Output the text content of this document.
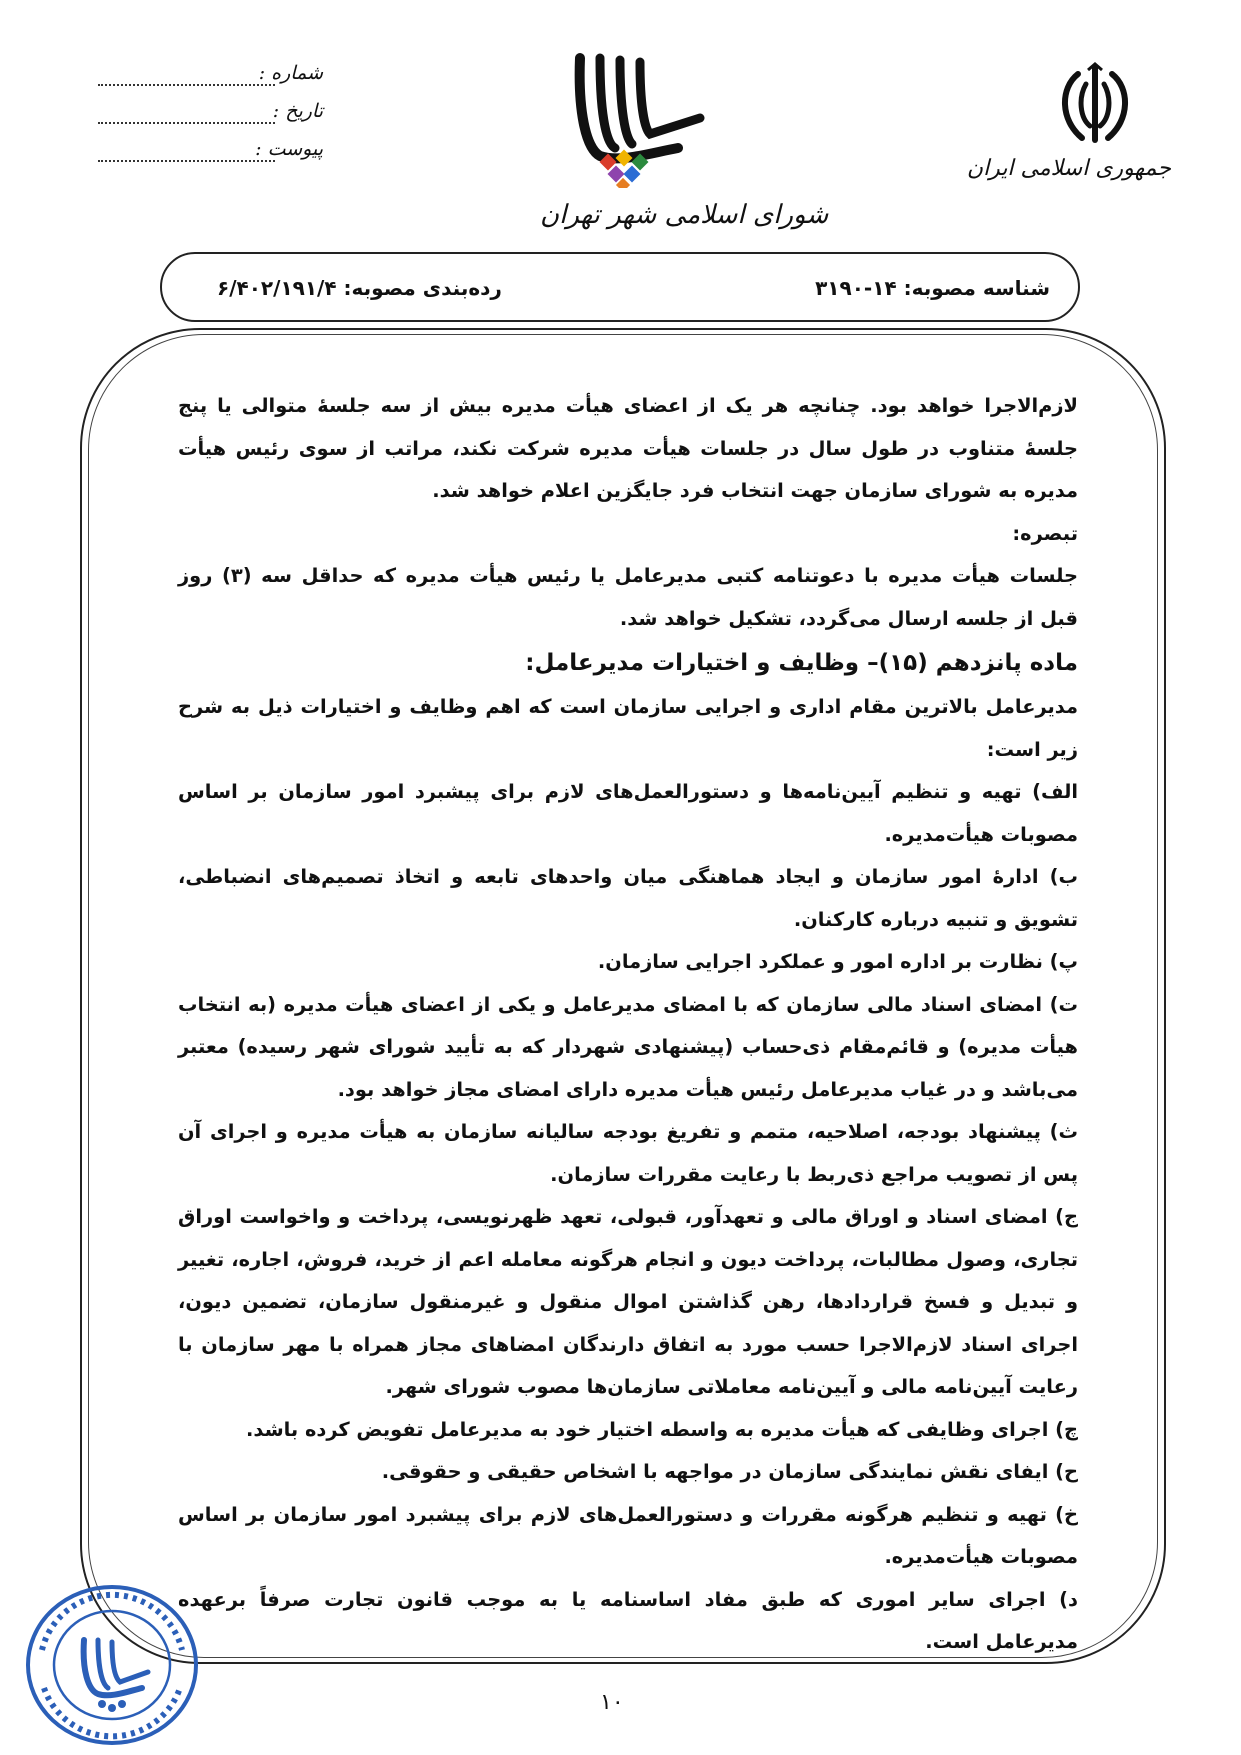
شماره :
تاریخ :
پیوست :
شورای اسلامی شهر تهران
جمهوری اسلامی ایران
شناسه مصوبه: ۱۴-۳۱۹۰
رده‌بندی مصوبه: ۶/۴۰۲/۱۹۱/۴

لازم‌الاجرا خواهد بود. چنانچه هر یک از اعضای هیأت مدیره بیش از سه جلسهٔ متوالی یا پنج جلسهٔ متناوب در طول سال در جلسات هیأت مدیره شرکت نکند، مراتب از سوی رئیس هیأت مدیره به شورای سازمان جهت انتخاب فرد جایگزین اعلام خواهد شد.

تبصره:

جلسات هیأت مدیره با دعوتنامه کتبی مدیرعامل یا رئیس هیأت مدیره که حداقل سه (۳) روز قبل از جلسه ارسال می‌گردد، تشکیل خواهد شد.

ماده پانزدهم (۱۵)– وظایف و اختیارات مدیرعامل:

مدیرعامل بالاترین مقام اداری و اجرایی سازمان است که اهم وظایف و اختیارات ذیل به شرح زیر است:

الف) تهیه و تنظیم آیین‌نامه‌ها و دستورالعمل‌های لازم برای پیشبرد امور سازمان بر اساس مصوبات هیأت‌مدیره.

ب) ادارهٔ امور سازمان و ایجاد هماهنگی میان واحدهای تابعه و اتخاذ تصمیم‌های انضباطی، تشویق و تنبیه درباره کارکنان.

پ) نظارت بر اداره امور و عملکرد اجرایی سازمان.

ت) امضای اسناد مالی سازمان که با امضای مدیرعامل و یکی از اعضای هیأت مدیره (به انتخاب هیأت مدیره) و قائم‌مقام ذی‌حساب (پیشنهادی شهردار که به تأیید شورای شهر رسیده) معتبر می‌باشد و در غیاب مدیرعامل رئیس هیأت مدیره دارای امضای مجاز خواهد بود.

ث) پیشنهاد بودجه، اصلاحیه، متمم و تفریغ بودجه سالیانه سازمان به هیأت مدیره و اجرای آن پس از تصویب مراجع ذی‌ربط با رعایت مقررات سازمان.

ج) امضای اسناد و اوراق مالی و تعهدآور، قبولی، تعهد ظهرنویسی، پرداخت و واخواست اوراق تجاری، وصول مطالبات، پرداخت دیون و انجام هرگونه معامله اعم از خرید، فروش، اجاره، تغییر و تبدیل و فسخ قراردادها، رهن گذاشتن اموال منقول و غیرمنقول سازمان، تضمین دیون، اجرای اسناد لازم‌الاجرا حسب مورد به اتفاق دارندگان امضاهای مجاز همراه با مهر سازمان با رعایت آیین‌نامه مالی و آیین‌نامه معاملاتی سازمان‌ها مصوب شورای شهر.

چ) اجرای وظایفی که هیأت مدیره به واسطه اختیار خود به مدیرعامل تفویض کرده باشد.

ح) ایفای نقش نمایندگی سازمان در مواجهه با اشخاص حقیقی و حقوقی.

خ) تهیه و تنظیم هرگونه مقررات و دستورالعمل‌های لازم برای پیشبرد امور سازمان بر اساس مصوبات هیأت‌مدیره.

د) اجرای سایر اموری که طبق مفاد اساسنامه یا به موجب قانون تجارت صرفاً برعهده مدیرعامل است.

۱۰
